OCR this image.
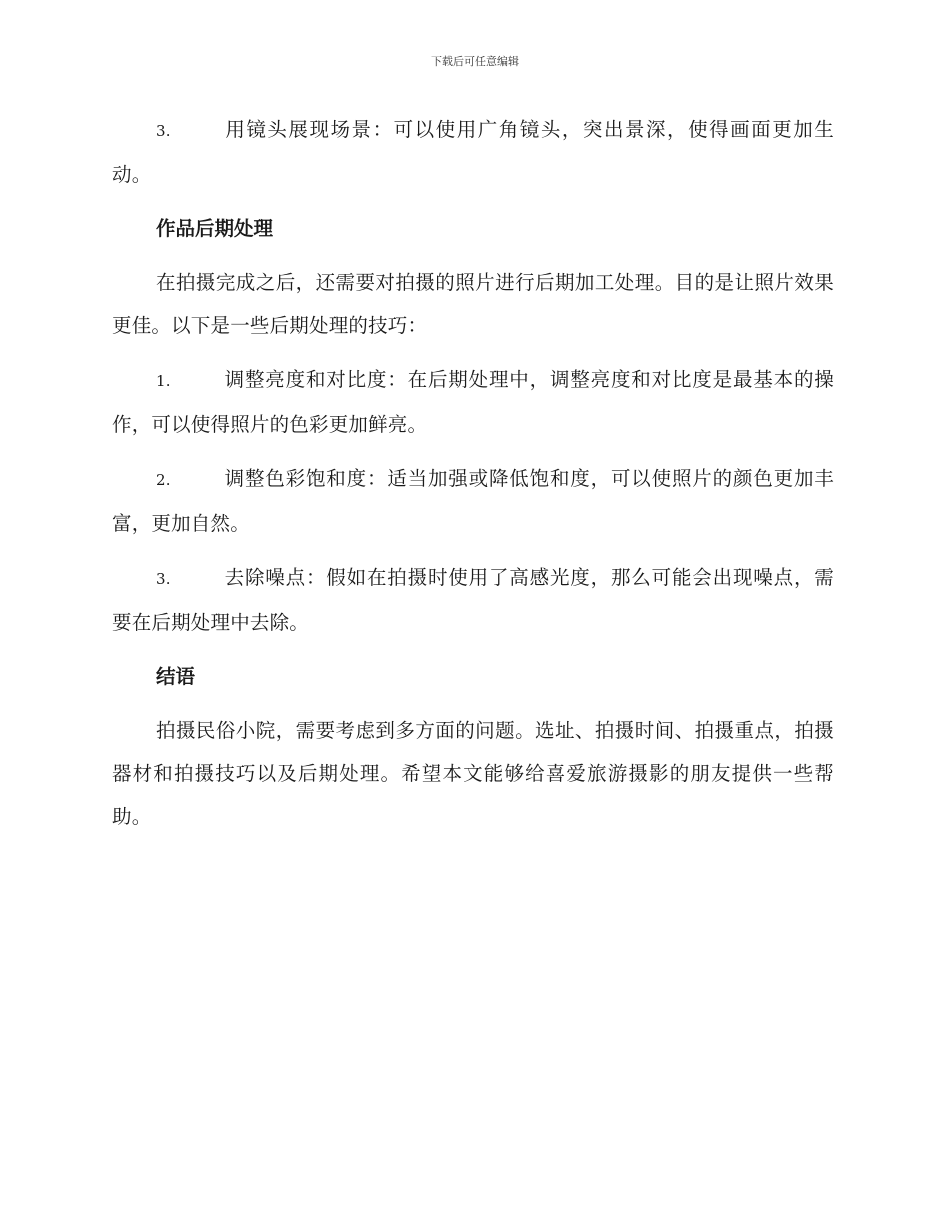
下载后可任意编辑

3.	用镜头展现场景：可以使用广角镜头，突出景深，使得画面更加生动。

作品后期处理

在拍摄完成之后，还需要对拍摄的照片进行后期加工处理。目的是让照片效果更佳。以下是一些后期处理的技巧：

1.	调整亮度和对比度：在后期处理中，调整亮度和对比度是最基本的操作，可以使得照片的色彩更加鲜亮。

2.	调整色彩饱和度：适当加强或降低饱和度，可以使照片的颜色更加丰富，更加自然。

3.	去除噪点：假如在拍摄时使用了高感光度，那么可能会出现噪点，需要在后期处理中去除。

结语

拍摄民俗小院，需要考虑到多方面的问题。选址、拍摄时间、拍摄重点，拍摄器材和拍摄技巧以及后期处理。希望本文能够给喜爱旅游摄影的朋友提供一些帮助。
